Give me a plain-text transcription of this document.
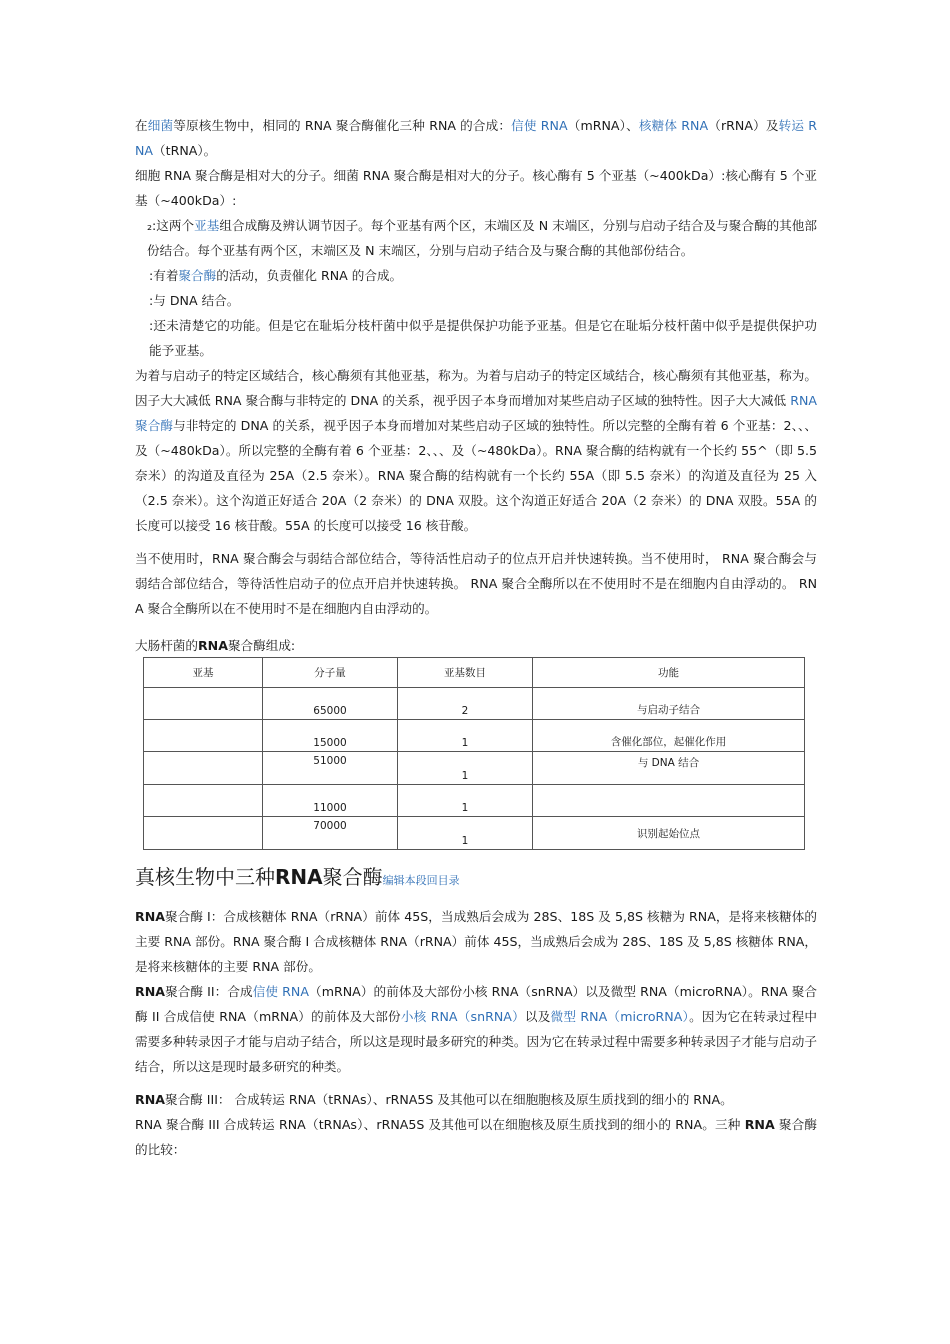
在细菌等原核生物中，相同的 RNA 聚合酶催化三种 RNA 的合成：信使 RNA（mRNA）、核糖体 RNA（rRNA）及转运 RNA（tRNA）。

细胞 RNA 聚合酶是相对大的分子。细菌 RNA 聚合酶是相对大的分子。核心酶有 5 个亚基（~400kDa）:核心酶有 5 个亚基（~400kDa）:

₂:这两个亚基组合成酶及辨认调节因子。每个亚基有两个区，末端区及 N 末端区，分别与启动子结合及与聚合酶的其他部份结合。每个亚基有两个区，末端区及 N 末端区，分别与启动子结合及与聚合酶的其他部份结合。

:有着聚合酶的活动，负责催化 RNA 的合成。

:与 DNA 结合。

:还未清楚它的功能。但是它在耻垢分枝杆菌中似乎是提供保护功能予亚基。但是它在耻垢分枝杆菌中似乎是提供保护功能予亚基。

为着与启动子的特定区域结合，核心酶须有其他亚基，称为。为着与启动子的特定区域结合，核心酶须有其他亚基，称为。因子大大减低 RNA 聚合酶与非特定的 DNA 的关系，视乎因子本身而增加对某些启动子区域的独特性。因子大大减低 RNA 聚合酶与非特定的 DNA 的关系，视乎因子本身而增加对某些启动子区域的独特性。所以完整的全酶有着 6 个亚基：2、、、及（~480kDa）。所以完整的全酶有着 6 个亚基：2、、、及（~480kDa）。RNA 聚合酶的结构就有一个长约 55^（即 5.5 奈米）的沟道及直径为 25A（2.5 奈米）。RNA 聚合酶的结构就有一个长约 55A（即 5.5 奈米）的沟道及直径为 25 入（2.5 奈米）。这个沟道正好适合 20A（2 奈米）的 DNA 双股。这个沟道正好适合 20A（2 奈米）的 DNA 双股。55A 的长度可以接受 16 核苷酸。55A 的长度可以接受 16 核苷酸。

当不使用时，RNA 聚合酶会与弱结合部位结合，等待活性启动子的位点开启并快速转换。当不使用时， RNA 聚合酶会与弱结合部位结合，等待活性启动子的位点开启并快速转换。 RNA 聚合全酶所以在不使用时不是在细胞内自由浮动的。 RNA 聚合全酶所以在不使用时不是在细胞内自由浮动的。

大肠杆菌的RNA聚合酶组成:
亚基	分子量	亚基数目	功能
	65000	2	与启动子结合
	15000	1	含催化部位，起催化作用
	51000	1	与 DNA 结合
	11000	1	
	70000	1	识别起始位点
真核生物中三种RNA聚合酶编辑本段回目录

RNA聚合酶 I：合成核糖体 RNA（rRNA）前体 45S，当成熟后会成为 28S、18S 及 5,8S 核糖为 RNA，是将来核糖体的主要 RNA 部份。RNA 聚合酶 I 合成核糖体 RNA（rRNA）前体 45S，当成熟后会成为 28S、18S 及 5,8S 核糖体 RNA，是将来核糖体的主要 RNA 部份。

RNA聚合酶 II：合成信使 RNA（mRNA）的前体及大部份小核 RNA（snRNA）以及微型 RNA（microRNA）。RNA 聚合酶 II 合成信使 RNA（mRNA）的前体及大部份小核 RNA（snRNA）以及微型 RNA（microRNA）。因为它在转录过程中需要多种转录因子才能与启动子结合，所以这是现时最多研究的种类。因为它在转录过程中需要多种转录因子才能与启动子结合，所以这是现时最多研究的种类。

RNA聚合酶 III： 合成转运 RNA（tRNAs）、rRNA5S 及其他可以在细胞胞核及原生质找到的细小的 RNA。

RNA 聚合酶 III 合成转运 RNA（tRNAs）、rRNA5S 及其他可以在细胞核及原生质找到的细小的 RNA。三种 RNA 聚合酶的比较：
